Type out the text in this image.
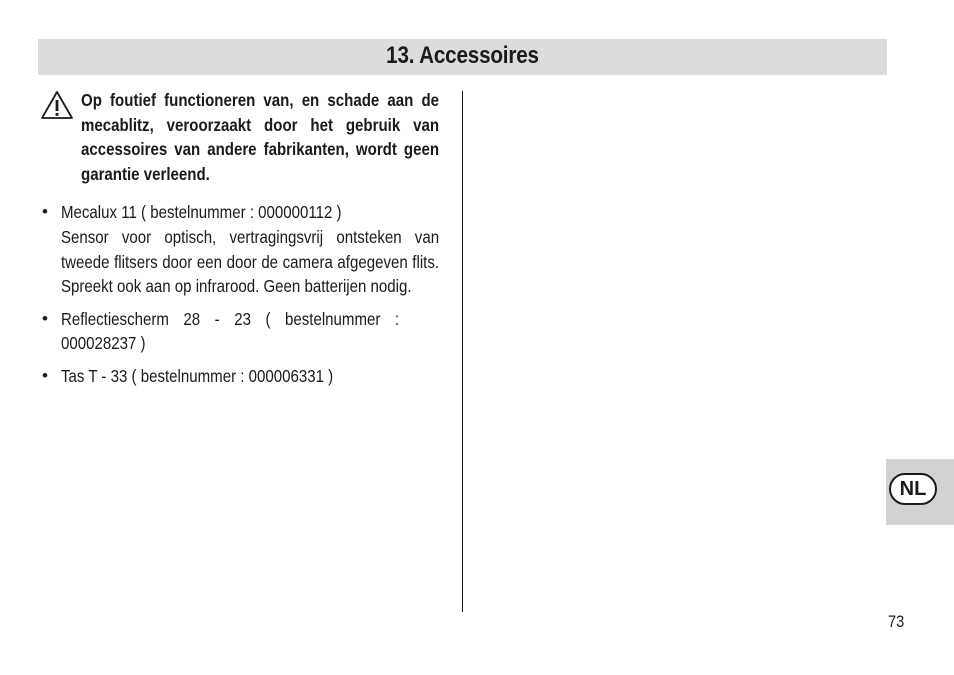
13. Accessoires

Op foutief functioneren van, en schade aan de mecablitz, veroorzaakt door het gebruik van accessoires van andere fabrikanten, wordt geen garantie verleend.

• Mecalux 11 ( bestelnummer : 000000112 )
Sensor voor optisch, vertragingsvrij ontsteken van tweede flitsers door een door de camera afgegeven flits. Spreekt ook aan op infrarood. Geen batterijen nodig.
• Reflectiescherm 28 - 23 ( bestelnummer : 000028237 )
• Tas T - 33 ( bestelnummer : 000006331 )
NL
73
